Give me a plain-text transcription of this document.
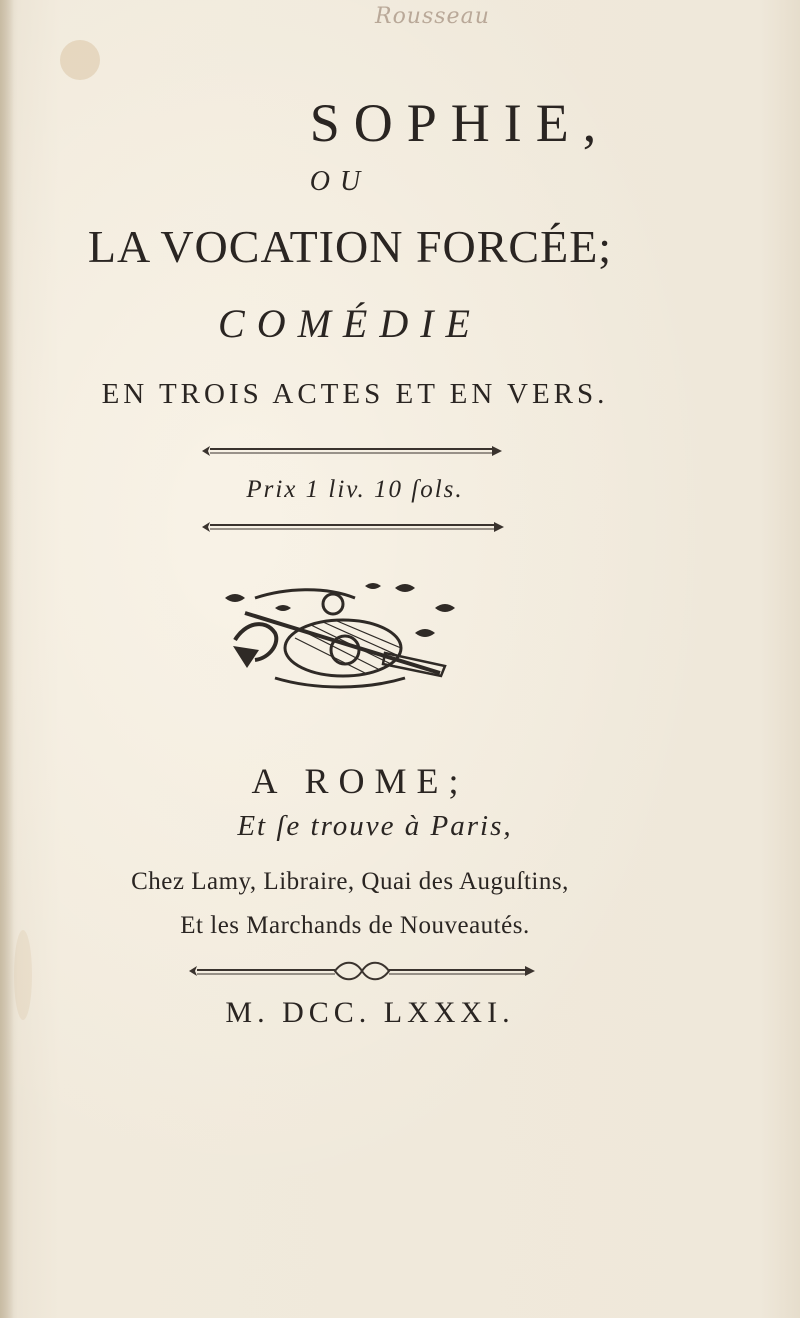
Rousseau
SOPHIE,
OU
LA VOCATION FORCÉE;
COMÉDIE
EN TROIS ACTES ET EN VERS.
Prix 1 liv. 10 ſols.
A ROME;
Et ſe trouve à Paris,
Chez Lamy, Libraire, Quai des Auguſtins,
Et les Marchands de Nouveautés.
M. DCC. LXXXI.
